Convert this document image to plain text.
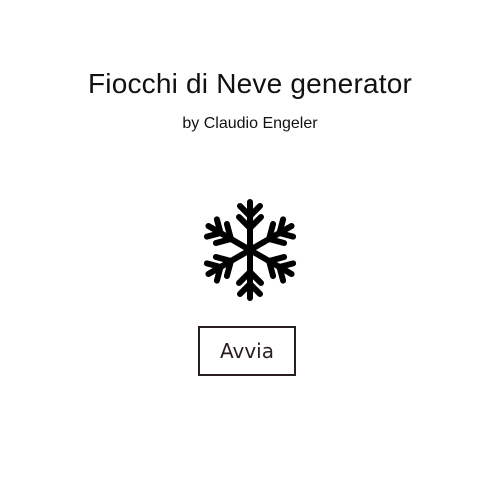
Fiocchi di Neve generator

by Claudio Engeler

Avvia
